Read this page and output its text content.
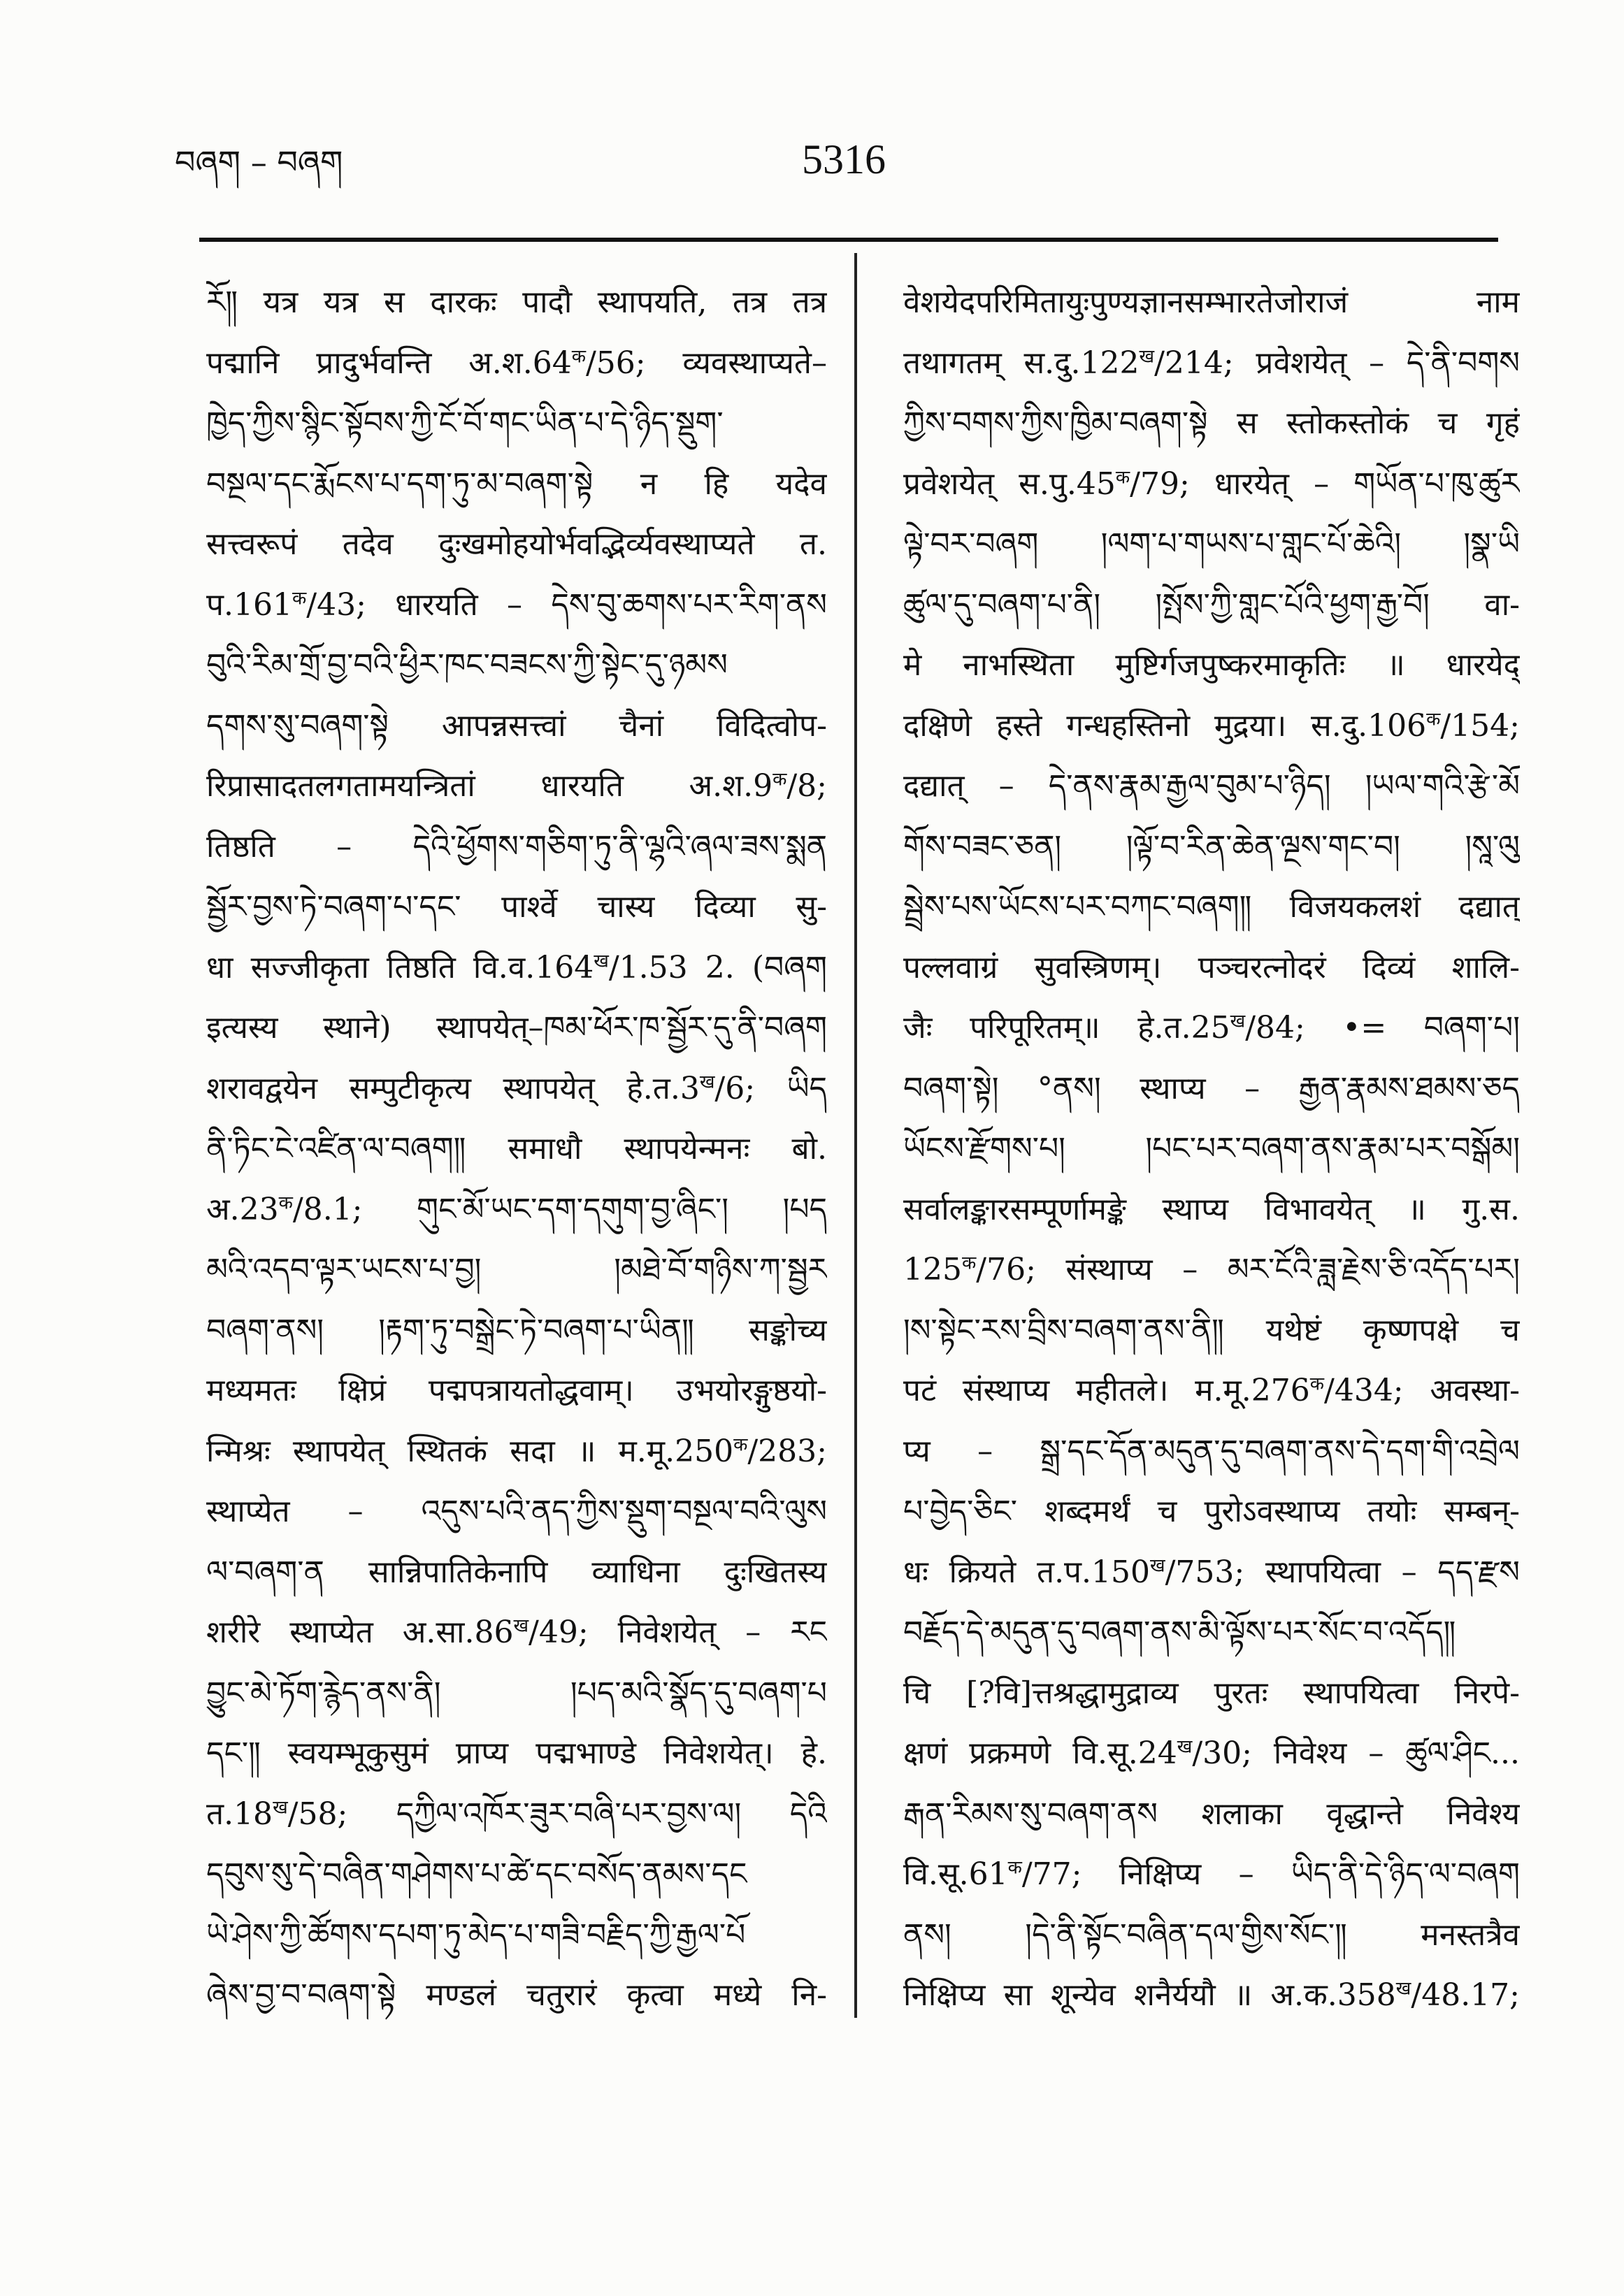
བཞག – བཞག	5316
རོ༎ यत्र यत्र स दारकः पादौ स्थापयति, तत्र तत्र
पद्मानि प्रादुर्भवन्ति $अ.श.64^क/56$; व्यवस्थाप्यते–
ཁྱེད་ཀྱིས་སྙིང་སྟོབས་ཀྱི་ངོ་བོ་གང་ཡིན་པ་དེ་ཉིད་སྡུག་
བསྔལ་དང་རྨོངས་པ་དག་ཏུ་མ་བཞག་སྟེ न हि यदेव
सत्त्वरूपं तदेव दुःखमोहयोर्भवद्भिर्व्यवस्थाप्यते त.
$प.161^क/43$; धारयति – དེས་བུ་ཆགས་པར་རིག་ནས
བུའི་རིམ་གྲོ་བྱ་བའི་ཕྱིར་ཁང་བཟངས་ཀྱི་སྟེང་དུ་ཉམས
དགས་སུ་བཞག་སྟེ आपन्नसत्त्वां चैनां विदित्वोप-
रिप्रासादतलगतामयन्त्रितां धारयति $अ.श.9^क/8$;
तिष्ठति – དེའི་ཕྱོགས་གཅིག་ཏུ་ནི་ལྷའི་ཞལ་ཟས་སྨན
སྦྱོར་བྱས་ཏེ་བཞག་པ་དང་ पार्श्वे चास्य दिव्या सु-
धा सज्जीकृता तिष्ठति $वि.व.164^ख/1.53$ 2. (བཞག
इत्यस्य स्थाने) स्थापयेत्–ཁམ་ཕོར་ཁ་སྦྱོར་དུ་ནི་བཞག
शरावद्वयेन सम्पुटीकृत्य स्थापयेत् $हे.त.3^ख/6$; ཡིད
ནི་ཏིང་ངེ་འཛིན་ལ་བཞག༎ समाधौ स्थापयेन्मनः बो.
$अ.23^क/8.1$; གུང་མོ་ཡང་དག་དགུག་བྱ་ཞིང་། །པད
མའི་འདབ་ལྟར་ཡངས་པ་བྱ། །མཐེ་བོ་གཉིས་ཀ་སྦྱར
བཞག་ནས། །རྟག་ཏུ་བསྒྲེང་ཏེ་བཞག་པ་ཡིན༎ सङ्कोच्य
मध्यमतः क्षिप्रं पद्मपत्रायतोद्धवाम्। उभयोरङ्गुष्ठयो-
न्मिश्रः स्थापयेत् स्थितकं सदा ॥ $म.मू.250^क/283$;
स्थाप्येत – འདུས་པའི་ནད་ཀྱིས་སྡུག་བསྔལ་བའི་ལུས
ལ་བཞག་ན सान्निपातिकेनापि व्याधिना दुःखितस्य
शरीरे स्थाप्येत $अ.सा.86^ख/49$; निवेशयेत् – རང
བྱུང་མེ་ཏོག་རྙེད་ནས་ནི། །པད་མའི་སྣོད་དུ་བཞག་པ
དང་༎ स्वयम्भूकुसुमं प्राप्य पद्मभाण्डे निवेशयेत्। हे.
$त.18^ख/58$; དཀྱིལ་འཁོར་ཟུར་བཞི་པར་བྱས་ལ། དེའི
དབུས་སུ་དེ་བཞིན་གཤེགས་པ་ཚེ་དང་བསོད་ནམས་དང
ཡེ་ཤེས་ཀྱི་ཚོགས་དཔག་ཏུ་མེད་པ་གཟི་བརྗིད་ཀྱི་རྒྱལ་པོ
ཞེས་བྱ་བ་བཞག་སྟེ मण्डलं चतुरारं कृत्वा मध्ये नि-
वेशयेदपरिमितायुःपुण्यज्ञानसम्भारतेजोराजं नाम
तथागतम् $स.दु.122^ख/214$; प्रवेशयेत् – དེ་ནི་བགས
ཀྱིས་བགས་ཀྱིས་ཁྱིམ་བཞག་སྟེ स स्तोकस्तोकं च गृहं
प्रवेशयेत् $स.पु.45^क/79$; धारयेत् – གཡོན་པ་ཁུ་ཚུར
ལྟེ་བར་བཞག །ལག་པ་གཡས་པ་གླང་པོ་ཆེའི། །སྣ་ཡི
ཚུལ་དུ་བཞག་པ་ནི། །སྤོས་ཀྱི་གླང་པོའི་ཕྱག་རྒྱ་བོ། वा-
मे नाभस्थिता मुष्टिर्गजपुष्करमाकृतिः ॥ धारयेद्
दक्षिणे हस्ते गन्धहस्तिनो मुद्रया। $स.दु.106^क/154$;
दद्यात् – དེ་ནས་རྣམ་རྒྱལ་བུམ་པ་ཉིད། །ཡལ་གའི་རྩེ་མོ
གོས་བཟང་ཅན། །ལྟོ་བ་རིན་ཆེན་ལྔས་གང་བ། །སཱ་ལུ
སྦྲེས་པས་ཡོངས་པར་བཀང་བཞག༎ विजयकलशं दद्यात्
पल्लवाग्रं सुवस्त्रिणम्। पञ्चरत्नोदरं दिव्यं शालि-
जैः परिपूरितम्॥ $हे.त.25^ख/84$; •= བཞག་པ།
བཞག་སྟེ། °ནས། स्थाप्य – རྒྱན་རྣམས་ཐམས་ཅད
ཡོངས་རྫོགས་པ། །པང་པར་བཞག་ནས་རྣམ་པར་བསྒོམ།
सर्वालङ्कारसम्पूर्णामङ्के स्थाप्य विभावयेत् ॥ गु.स.
$125^क/76$; संस्थाप्य – མར་ངོའི་ཟླ་རྗེས་ཅི་འདོད་པར།
།ས་སྟེང་རས་བྲིས་བཞག་ནས་ནི༎ यथेष्टं कृष्णपक्षे च
पटं संस्थाप्य महीतले। $म.मू.276^क/434$; अवस्था-
प्य – སྒྲ་དང་དོན་མདུན་དུ་བཞག་ནས་དེ་དག་གི་འབྲེལ
པ་བྱེད་ཅིང་ शब्दमर्थं च पुरोऽवस्थाप्य तयोः सम्बन्-
धः क्रियते $त.प.150^ख/753$; स्थापयित्वा – དད་རྫས
བརྗོད་དེ་མདུན་དུ་བཞག་ནས་མི་ལྟོས་པར་སོང་བ་འདོད༎
चि [?वि]त्तश्रद्धामुद्राव्य पुरतः स्थापयित्वा निरपे-
क्षणं प्रक्रमणे $वि.सू.24^ख/30$; निवेश्य – ཚུལ་ཤིང...
རྒན་རིམས་སུ་བཞག་ནས शलाका वृद्धान्ते निवेश्य
$वि.सू.61^क/77$; निक्षिप्य – ཡིད་ནི་དེ་ཉིད་ལ་བཞག
ནས། །དེ་ནི་སྟོང་བཞིན་དལ་གྱིས་སོང་༎ मनस्तत्रैव
निक्षिप्य सा शून्येव शनैर्ययौ ॥ $अ.क.358^ख/48.17$;
